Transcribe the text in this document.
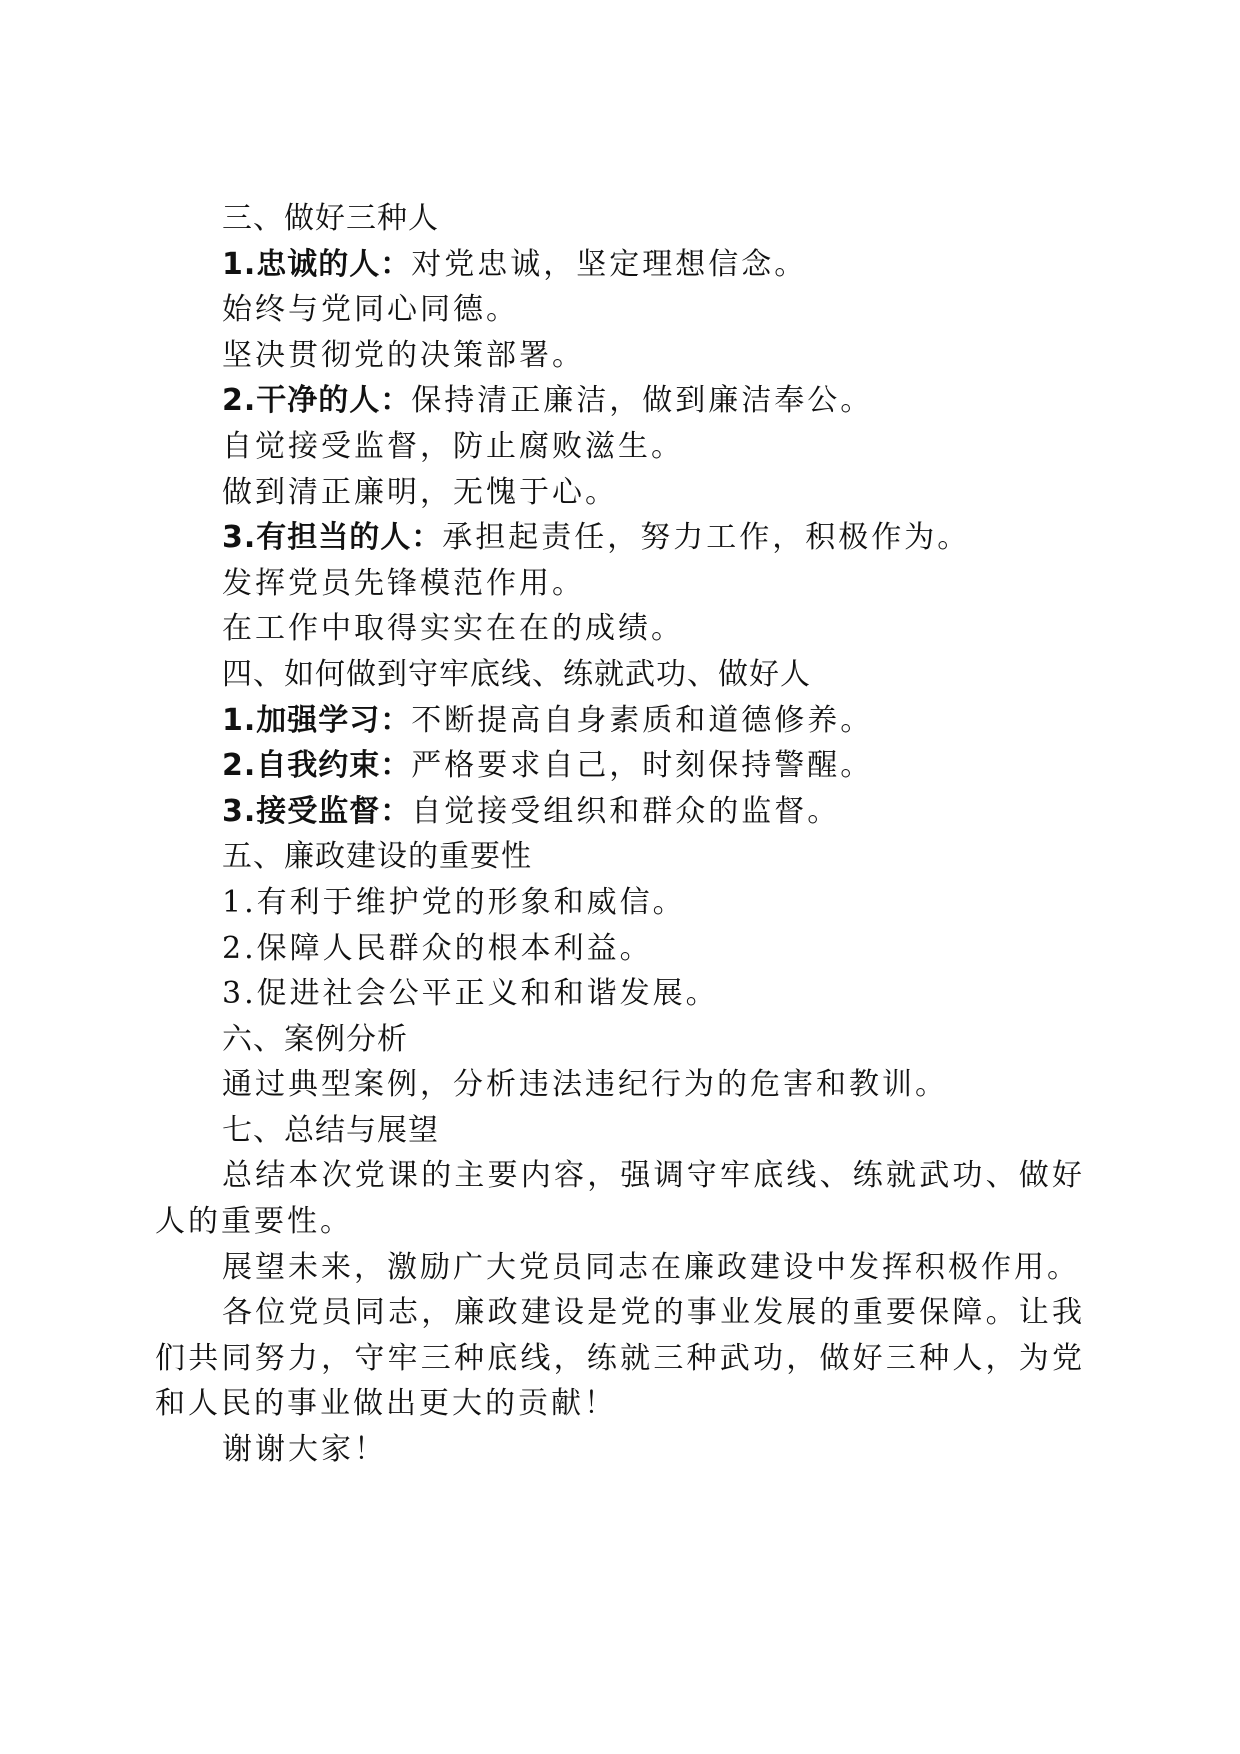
三、做好三种人

1.忠诚的人：对党忠诚，坚定理想信念。

始终与党同心同德。

坚决贯彻党的决策部署。

2.干净的人：保持清正廉洁，做到廉洁奉公。

自觉接受监督，防止腐败滋生。

做到清正廉明，无愧于心。

3.有担当的人：承担起责任，努力工作，积极作为。

发挥党员先锋模范作用。

在工作中取得实实在在的成绩。

四、如何做到守牢底线、练就武功、做好人

1.加强学习：不断提高自身素质和道德修养。

2.自我约束：严格要求自己，时刻保持警醒。

3.接受监督：自觉接受组织和群众的监督。

五、廉政建设的重要性

1.有利于维护党的形象和威信。

2.保障人民群众的根本利益。

3.促进社会公平正义和和谐发展。

六、案例分析

通过典型案例，分析违法违纪行为的危害和教训。

七、总结与展望

总结本次党课的主要内容，强调守牢底线、练就武功、做好人的重要性。

展望未来，激励广大党员同志在廉政建设中发挥积极作用。

各位党员同志，廉政建设是党的事业发展的重要保障。让我们共同努力，守牢三种底线，练就三种武功，做好三种人，为党和人民的事业做出更大的贡献！

谢谢大家！
